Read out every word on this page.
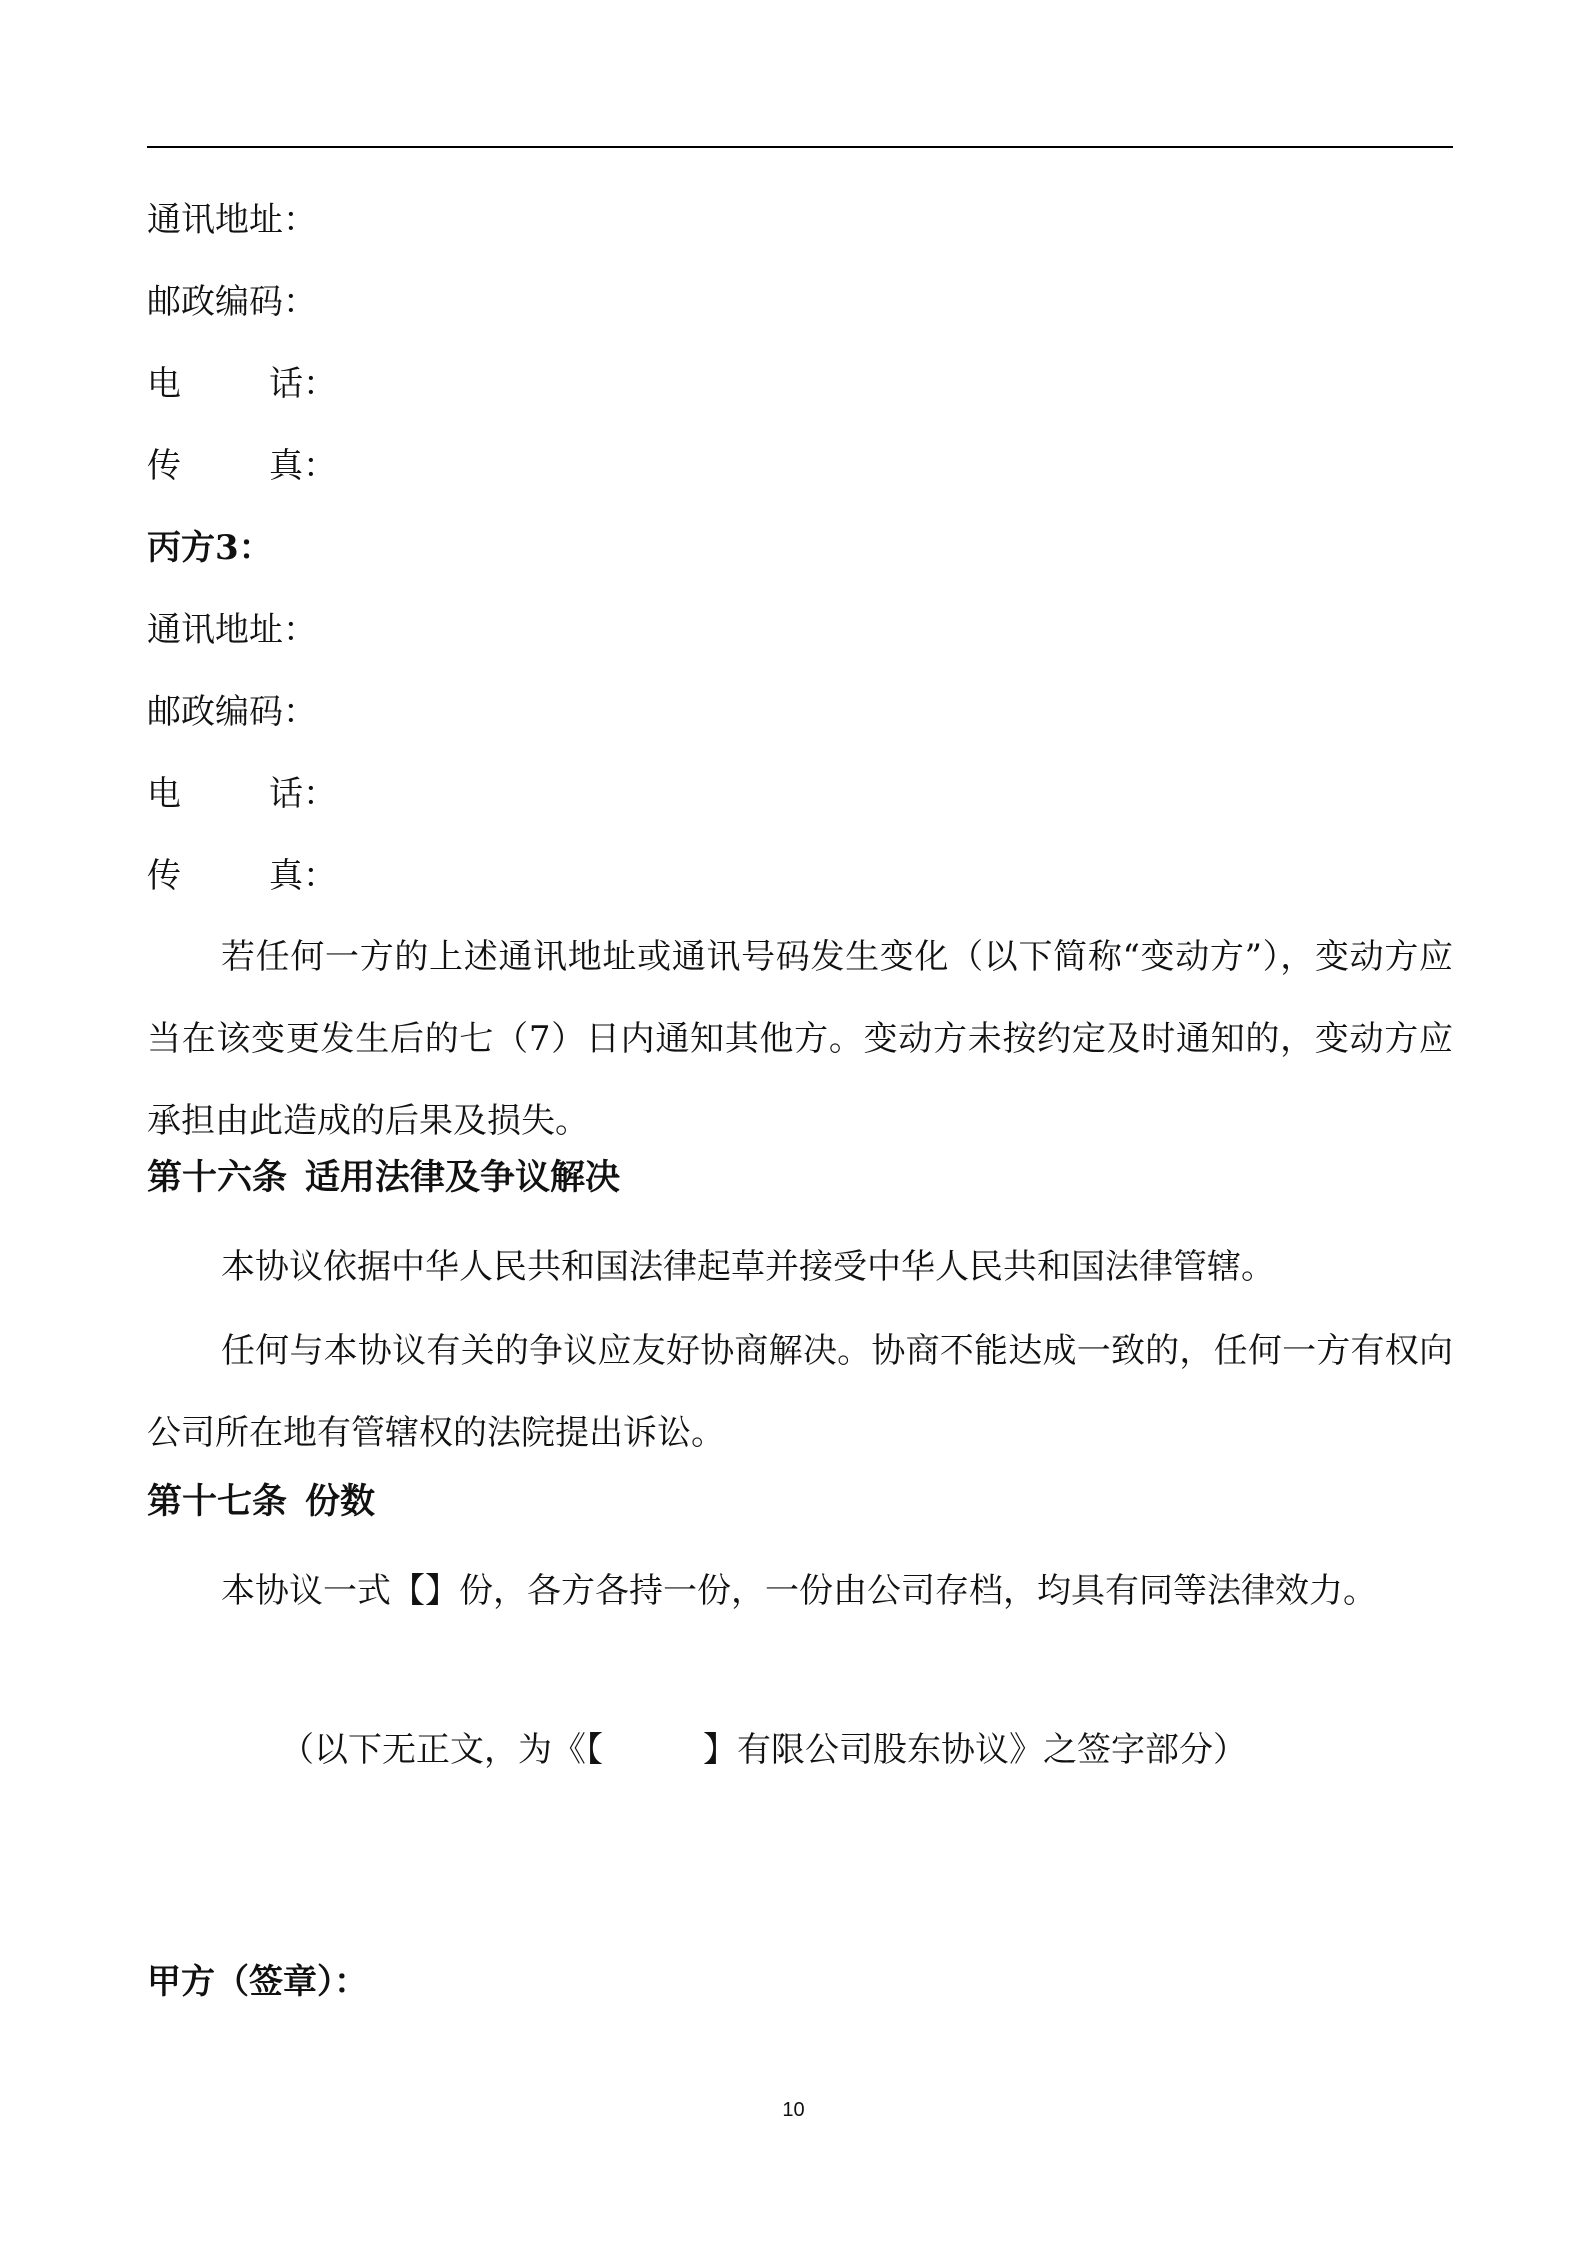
通讯地址：
邮政编码：
电	话：
传	真：
丙方3：
通讯地址：
邮政编码：
电	话：
传	真：
若任何一方的上述通讯地址或通讯号码发生变化（以下简称“变动方”），变动方应当在该变更发生后的七（7）日内通知其他方。变动方未按约定及时通知的，变动方应承担由此造成的后果及损失。
第十六条 适用法律及争议解决
本协议依据中华人民共和国法律起草并接受中华人民共和国法律管辖。
任何与本协议有关的争议应友好协商解决。协商不能达成一致的，任何一方有权向公司所在地有管辖权的法院提出诉讼。
第十七条 份数
本协议一式【】份，各方各持一份，一份由公司存档，均具有同等法律效力。
（以下无正文，为《【	】有限公司股东协议》之签字部分）
甲方（签章）：
10
